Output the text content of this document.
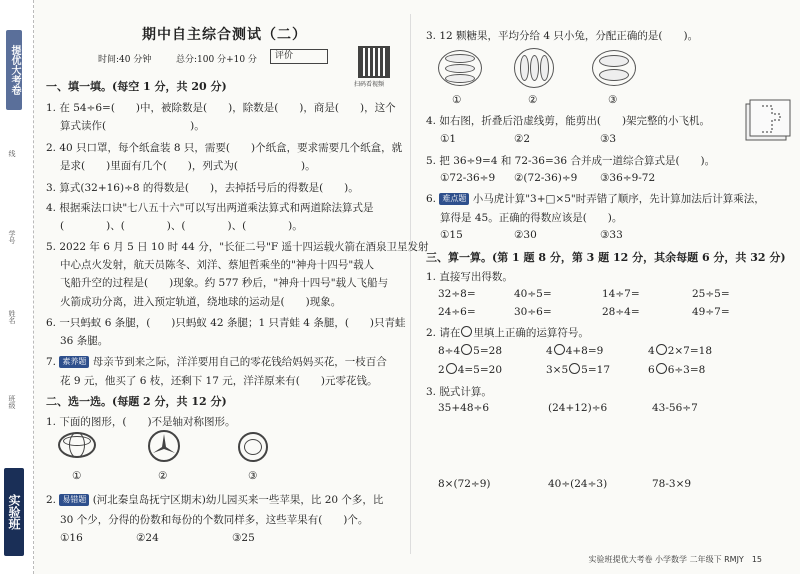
提优大考卷
线
学号
姓名
班级
实验班
期中自主综合测试（二）
时间:40 分钟	总分:100 分+10 分	评价
扫码看视频
一、填一填。(每空 1 分，共 20 分)
1. 在 54÷6=(　　)中，被除数是(　　)，除数是(　　)，商是(　　)，这个
算式读作(　　　　　　　　)。
2. 40 只口罩，每个纸盒装 8 只，需要(　　)个纸盒，要求需要几个纸盒，就
是求(　　)里面有几个(　　)，列式为(　　　　　　)。
3. 算式(32+16)÷8 的得数是(　　)，去掉括号后的得数是(　　)。
4. 根据乘法口诀"七八五十六"可以写出两道乘法算式和两道除法算式是
(　　　　)、(　　　　)、(　　　　)、(　　　　)。
5. 2022 年 6 月 5 日 10 时 44 分，"长征二号"F 遥十四运载火箭在酒泉卫星发射
中心点火发射，航天员陈冬、刘洋、蔡旭哲乘坐的"神舟十四号"载人
飞船升空的过程是(　　)现象。约 577 秒后，"神舟十四号"载人飞船与
火箭成功分离，进入预定轨道，绕地球的运动是(　　)现象。
6. 一只蚂蚁 6 条腿，(　　)只蚂蚁 42 条腿；1 只青蛙 4 条腿，(　　)只青蛙
36 条腿。
7. 素养题 母亲节到来之际，洋洋要用自己的零花钱给妈妈买花，一枝百合
花 9 元，他买了 6 枝，还剩下 17 元，洋洋原来有(　　)元零花钱。
二、选一选。(每题 2 分，共 12 分)
1. 下面的图形，(　　)不是轴对称图形。
①	②	③
2. 易错题 (河北秦皇岛抚宁区期末)幼儿园买来一些苹果，比 20 个多，比
30 个少，分得的份数和每份的个数同样多，这些苹果有(　　)个。
①16	②24	③25
3. 12 颗糖果，平均分给 4 只小兔，分配正确的是(　　)。
①	②	③
4. 如右图，折叠后沿虚线剪，能剪出(　　)架完整的小飞机。
①1	②2	③3
5. 把 36÷9=4 和 72-36=36 合并成一道综合算式是(　　)。
①72-36÷9 ②(72-36)÷9 ③36÷9-72
6. 难点题 小马虎计算"3+□×5"时弄错了顺序，先计算加法后计算乘法，
算得是 45。正确的得数应该是(　　)。
①15	②30	③33
三、算一算。(第 1 题 8 分，第 3 题 12 分，其余每题 6 分，共 32 分)
1. 直接写出得数。
32÷8=	40÷5=	14÷7=	25÷5=
24÷6=	30÷6=	28÷4=	49÷7=
2. 请在 里填上正确的运算符号。
8÷4 5=28	4 4+8=9	4 2×7=18
2 4=5=20	3×5 5=17	6 6÷3=8
3. 脱式计算。
35+48÷6	(24+12)÷6	43-56÷7
8×(72÷9)	40÷(24÷3)	78-3×9
实验班提优大考卷 小学数学 二年级下 RMJY　15
